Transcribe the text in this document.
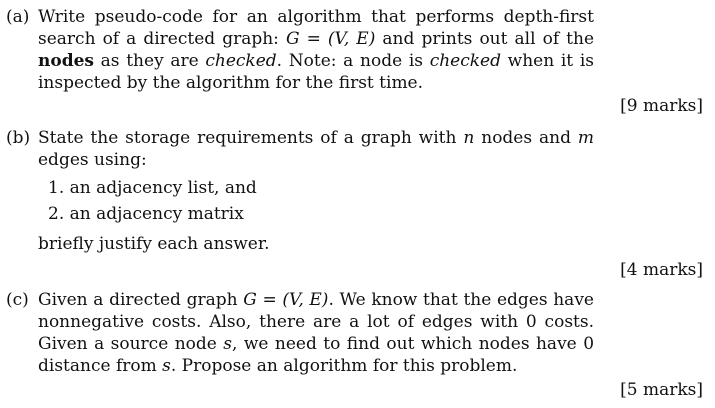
(a) Write pseudo-code for an algorithm that performs depth-first search of a directed graph: G = (V, E) and prints out all of the nodes as they are checked. Note: a node is checked when it is inspected by the algorithm for the first time.
[9 marks]
(b) State the storage requirements of a graph with n nodes and m edges using:
1. an adjacency list, and
2. an adjacency matrix
briefly justify each answer.
[4 marks]
(c) Given a directed graph G = (V, E). We know that the edges have nonnegative costs. Also, there are a lot of edges with 0 costs. Given a source node s, we need to find out which nodes have 0 distance from s. Propose an algorithm for this problem.
[5 marks]
